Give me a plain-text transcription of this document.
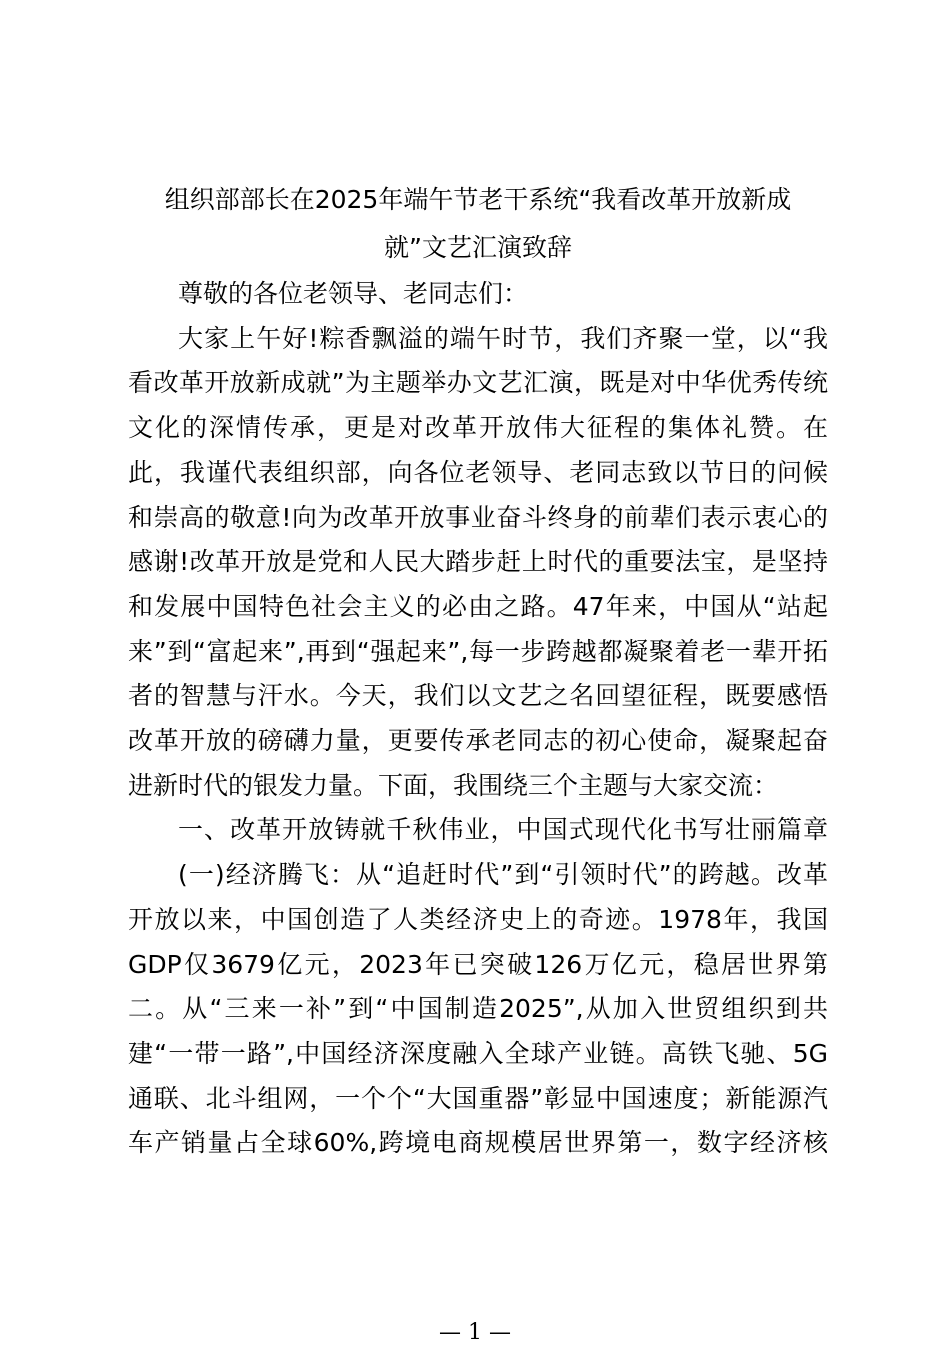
组织部部长在2025年端午节老干系统“我看改革开放新成
就”文艺汇演致辞

尊敬的各位老领导、老同志们：

大家上午好!粽香飘溢的端午时节，我们齐聚一堂，以“我

看改革开放新成就”为主题举办文艺汇演，既是对中华优秀传统

文化的深情传承，更是对改革开放伟大征程的集体礼赞。在

此，我谨代表组织部，向各位老领导、老同志致以节日的问候

和崇高的敬意!向为改革开放事业奋斗终身的前辈们表示衷心的

感谢!改革开放是党和人民大踏步赶上时代的重要法宝，是坚持

和发展中国特色社会主义的必由之路。47年来，中国从“站起

来”到“富起来”,再到“强起来”,每一步跨越都凝聚着老一辈开拓

者的智慧与汗水。今天，我们以文艺之名回望征程，既要感悟

改革开放的磅礴力量，更要传承老同志的初心使命，凝聚起奋

进新时代的银发力量。下面，我围绕三个主题与大家交流：

一、改革开放铸就千秋伟业，中国式现代化书写壮丽篇章

(一)经济腾飞：从“追赶时代”到“引领时代”的跨越。改革

开放以来，中国创造了人类经济史上的奇迹。1978年，我国

GDP仅3679亿元，2023年已突破126万亿元，稳居世界第

二。从“三来一补”到“中国制造2025”,从加入世贸组织到共

建“一带一路”,中国经济深度融入全球产业链。高铁飞驰、5G

通联、北斗组网，一个个“大国重器”彰显中国速度；新能源汽

车产销量占全球60%,跨境电商规模居世界第一，数字经济核

— 1 —
